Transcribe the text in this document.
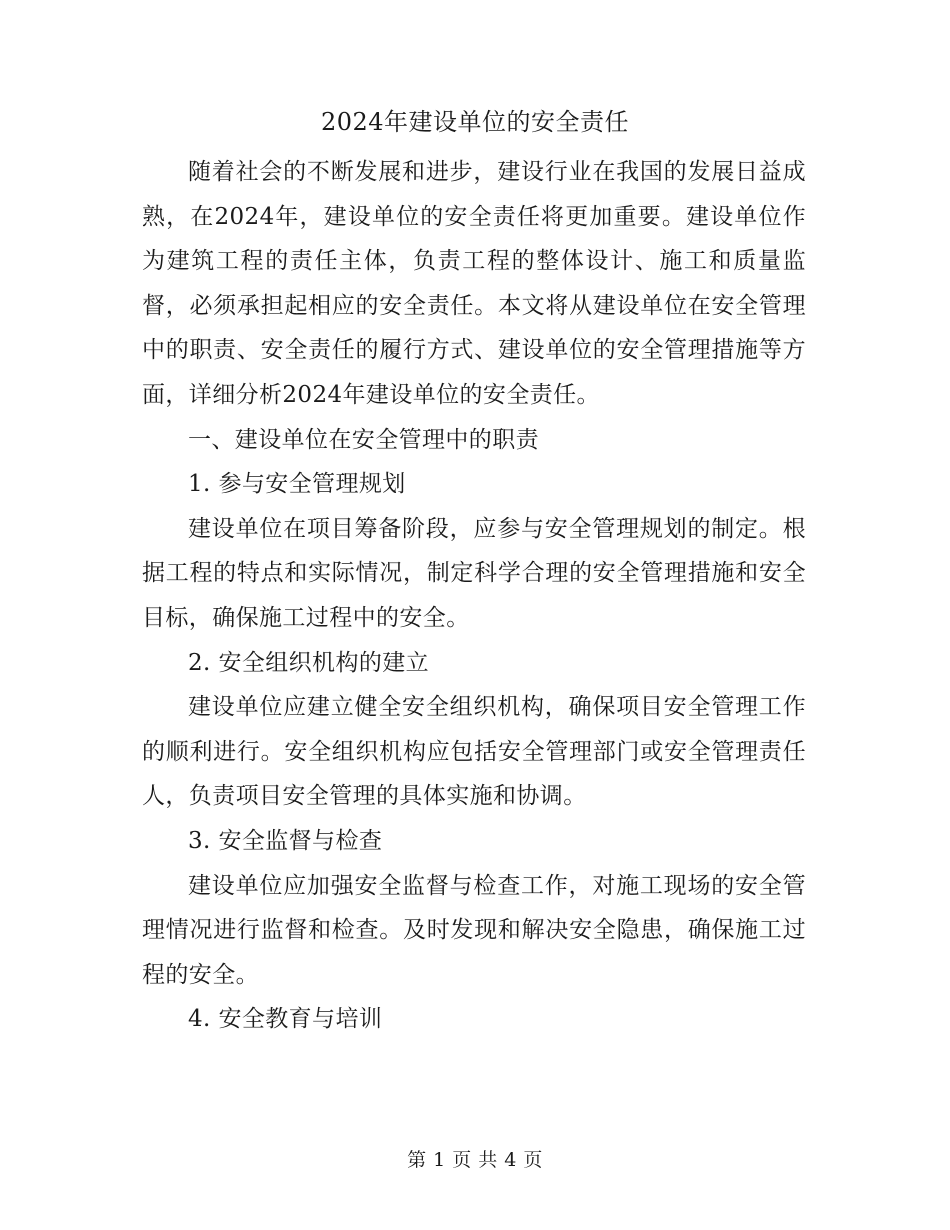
2024年建设单位的安全责任

随着社会的不断发展和进步，建设行业在我国的发展日益成熟，在2024年，建设单位的安全责任将更加重要。建设单位作为建筑工程的责任主体，负责工程的整体设计、施工和质量监督，必须承担起相应的安全责任。本文将从建设单位在安全管理中的职责、安全责任的履行方式、建设单位的安全管理措施等方面，详细分析2024年建设单位的安全责任。

一、建设单位在安全管理中的职责

1. 参与安全管理规划

建设单位在项目筹备阶段，应参与安全管理规划的制定。根据工程的特点和实际情况，制定科学合理的安全管理措施和安全目标，确保施工过程中的安全。

2. 安全组织机构的建立

建设单位应建立健全安全组织机构，确保项目安全管理工作的顺利进行。安全组织机构应包括安全管理部门或安全管理责任人，负责项目安全管理的具体实施和协调。

3. 安全监督与检查

建设单位应加强安全监督与检查工作，对施工现场的安全管理情况进行监督和检查。及时发现和解决安全隐患，确保施工过程的安全。

4. 安全教育与培训

第 1 页 共 4 页
